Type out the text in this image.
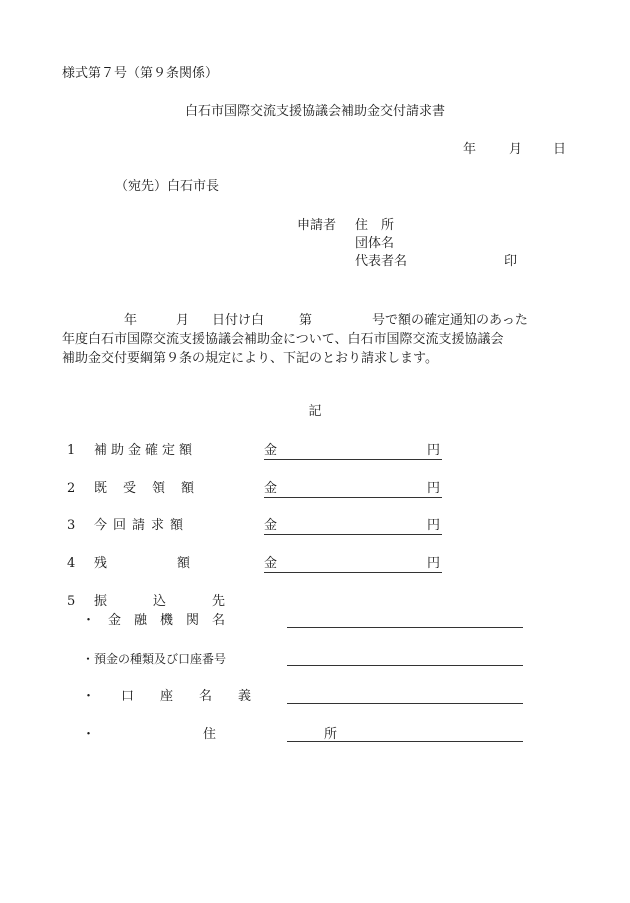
様式第７号（第９条関係）
白石市国際交流支援協議会補助金交付請求書
年	月 日
（宛先）白石市長
申請者 住　所
団体名
代表者名	印
年	月 日付け白	第	号で額の確定通知のあった
年度白石市国際交流支援協議会補助金について、白石市国際交流支援協議会
補助金交付要綱第９条の規定により、下記のとおり請求します。
記
1 補助金確定額	金	円
2 既受領額	金	円
3 今回請求額	金	円
4 残額 金	円
5 振込先
・金融機関名
・預金の種類及び口座番号
・口座名義
・住所
